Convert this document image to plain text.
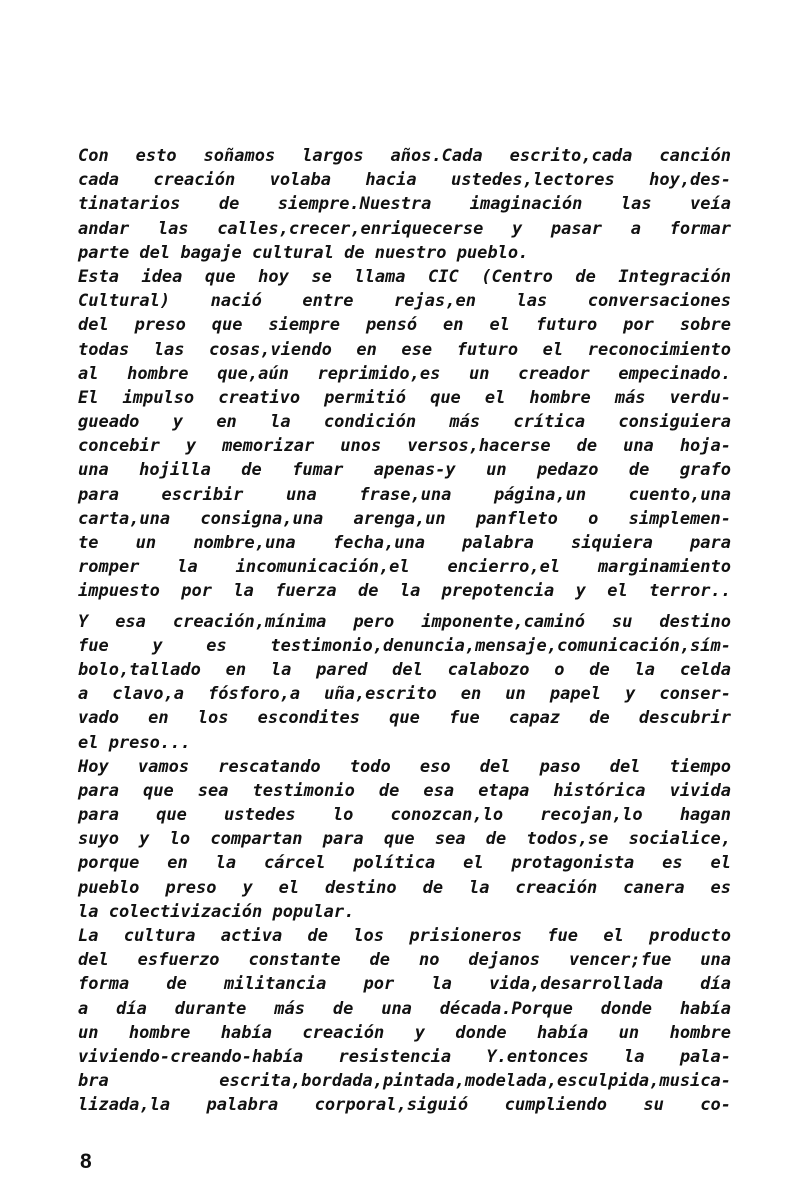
Con esto soñamos largos años.Cada escrito,cada canción
cada creación volaba hacia ustedes,lectores hoy,des-
tinatarios de siempre.Nuestra imaginación las veía
andar las calles,crecer,enriquecerse y pasar a formar
parte del bagaje cultural de nuestro pueblo.
Esta idea que hoy se llama CIC (Centro de Integración
Cultural) nació entre rejas,en las conversaciones
del preso que siempre pensó en el futuro por sobre
todas las cosas,viendo en ese futuro el reconocimiento
al hombre que,aún reprimido,es un creador empecinado.
El impulso creativo permitió que el hombre más verdu-
gueado y en la condición más crítica consiguiera
concebir y memorizar unos versos,hacerse de una hoja-
una hojilla de fumar apenas-y un pedazo de grafo
para escribir una frase,una página,un cuento,una
carta,una consigna,una arenga,un panfleto o simplemen-
te un nombre,una fecha,una palabra siquiera para
romper la incomunicación,el encierro,el marginamiento
impuesto por la fuerza de la prepotencia y el terror..
Y esa creación,mínima pero imponente,caminó su destino
fue y es testimonio,denuncia,mensaje,comunicación,sím-
bolo,tallado en la pared del calabozo o de la celda
a clavo,a fósforo,a uña,escrito en un papel y conser-
vado en los escondites que fue capaz de descubrir
el preso...
Hoy vamos rescatando todo eso del paso del tiempo
para que sea testimonio de esa etapa histórica vivida
para que ustedes lo conozcan,lo recojan,lo hagan
suyo y lo compartan para que sea de todos,se socialice,
porque en la cárcel política el protagonista es el
pueblo preso y el destino de la creación canera es
la colectivización popular.
La cultura activa de los prisioneros fue el producto
del esfuerzo constante de no dejanos vencer;fue una
forma de militancia por la vida,desarrollada día
a día durante más de una década.Porque donde había
un hombre había creación y donde había un hombre
viviendo-creando-había resistencia Y.entonces la pala-
bra escrita,bordada,pintada,modelada,esculpida,musica-
lizada,la palabra corporal,siguió cumpliendo su co-
8
